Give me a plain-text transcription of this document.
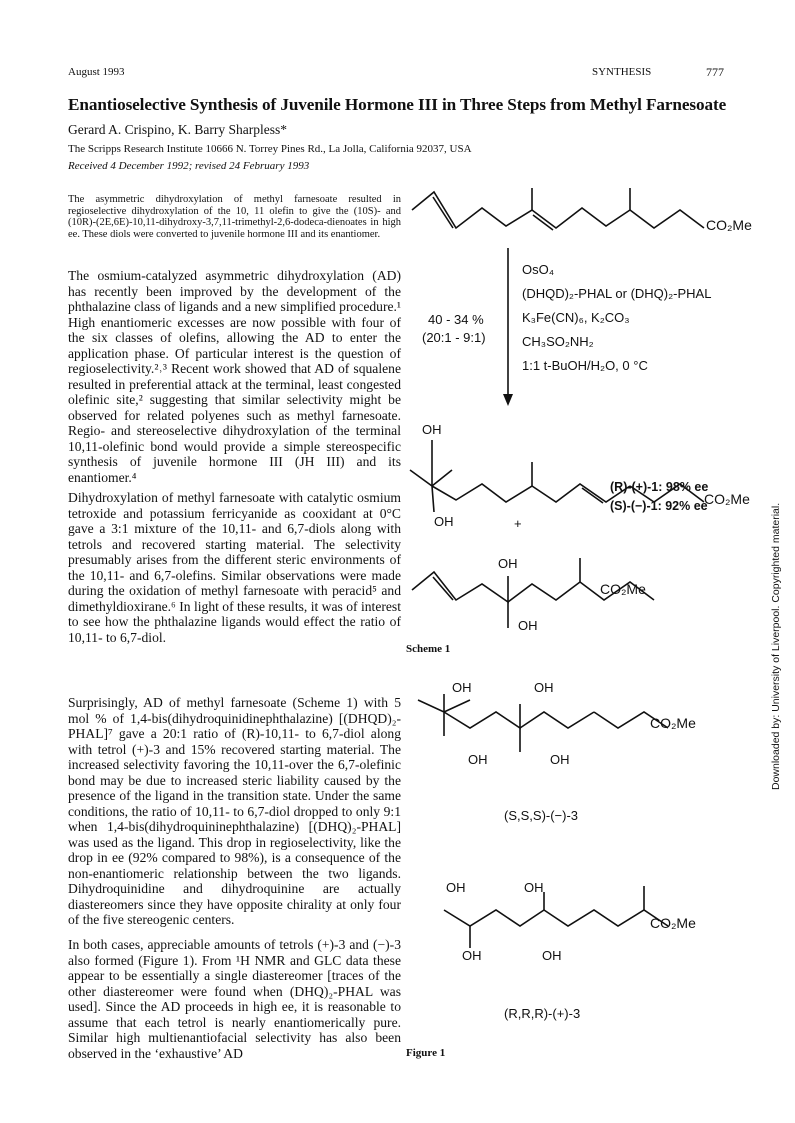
August 1993	SYNTHESIS	777
Enantioselective Synthesis of Juvenile Hormone III in Three Steps from Methyl Farnesoate
Gerard A. Crispino, K. Barry Sharpless*
The Scripps Research Institute 10666 N. Torrey Pines Rd., La Jolla, California 92037, USA
Received 4 December 1992; revised 24 February 1993
The asymmetric dihydroxylation of methyl farnesoate resulted in regioselective dihydroxylation of the 10, 11 olefin to give the (10S)- and (10R)-(2E,6E)-10,11-dihydroxy-3,7,11-trimethyl-2,6-dodeca-dienoates in high ee. These diols were converted to juvenile hormone III and its enantiomer.
The osmium-catalyzed asymmetric dihydroxylation (AD) has recently been improved by the development of the phthalazine class of ligands and a new simplified procedure.¹ High enantiomeric excesses are now possible with four of the six classes of olefins, allowing the AD to enter the application phase. Of particular interest is the question of regioselectivity.²˒³ Recent work showed that AD of squalene resulted in preferential attack at the terminal, least congested olefinic site,² suggesting that similar selectivity might be observed for related polyenes such as methyl farnesoate. Regio- and stereoselective dihydroxylation of the terminal 10,11-olefinic bond would provide a simple stereospecific synthesis of juvenile hormone III (JH III) and its enantiomer.⁴
Dihydroxylation of methyl farnesoate with catalytic osmium tetroxide and potassium ferricyanide as cooxidant at 0°C gave a 3:1 mixture of the 10,11- and 6,7-diols along with tetrols and recovered starting material. The selectivity presumably arises from the different steric environments of the 10,11- and 6,7-olefins. Similar observations were made during the oxidation of methyl farnesoate with peracid⁵ and dimethyldioxirane.⁶ In light of these results, it was of interest to see how the phthalazine ligands would effect the ratio of 10,11- to 6,7-diol.
Surprisingly, AD of methyl farnesoate (Scheme 1) with 5 mol % of 1,4-bis(dihydroquinidinephthalazine) [(DHQD)₂-PHAL]⁷ gave a 20:1 ratio of (R)-10,11- to 6,7-diol along with tetrol (+)-3 and 15% recovered starting material. The increased selectivity favoring the 10,11-over the 6,7-olefinic bond may be due to increased steric liability caused by the presence of the ligand in the transition state. Under the same conditions, the ratio of 10,11- to 6,7-diol dropped to only 9:1 when 1,4-bis(dihydroquininephthalazine) [(DHQ)₂-PHAL] was used as the ligand. This drop in regioselectivity, like the drop in ee (92% compared to 98%), is a consequence of the non-enantiomeric relationship between the two ligands. Dihydroquinidine and dihydroquinine are actually diastereomers since they have opposite chirality at only four of the five stereogenic centers.
In both cases, appreciable amounts of tetrols (+)-3 and (−)-3 also formed (Figure 1). From ¹H NMR and GLC data these appear to be essentially a single diastereomer [traces of the other diastereomer were found when (DHQ)₂-PHAL was used]. Since the AD proceeds in high ee, it is reasonable to assume that each tetrol is nearly enantiomerically pure. Similar high multienantiofacial selectivity has also been observed in the ‘exhaustive’ AD
CO₂Me
40 - 34 %
(20:1 - 9:1)
OsO₄
(DHQD)₂-PHAL or (DHQ)₂-PHAL
K₃Fe(CN)₆, K₂CO₃
CH₃SO₂NH₂
1:1 t-BuOH/H₂O, 0 °C
OH
OH
CO₂Me
(R)-(+)-1: 98% ee
(S)-(−)-1: 92% ee
+
OH
OH
CO₂Me
Scheme 1
OH	OH
OH	OH
CO₂Me
(S,S,S)-(−)-3
OH	OH
OH	OH
CO₂Me
(R,R,R)-(+)-3
Figure 1
Downloaded by: University of Liverpool. Copyrighted material.
